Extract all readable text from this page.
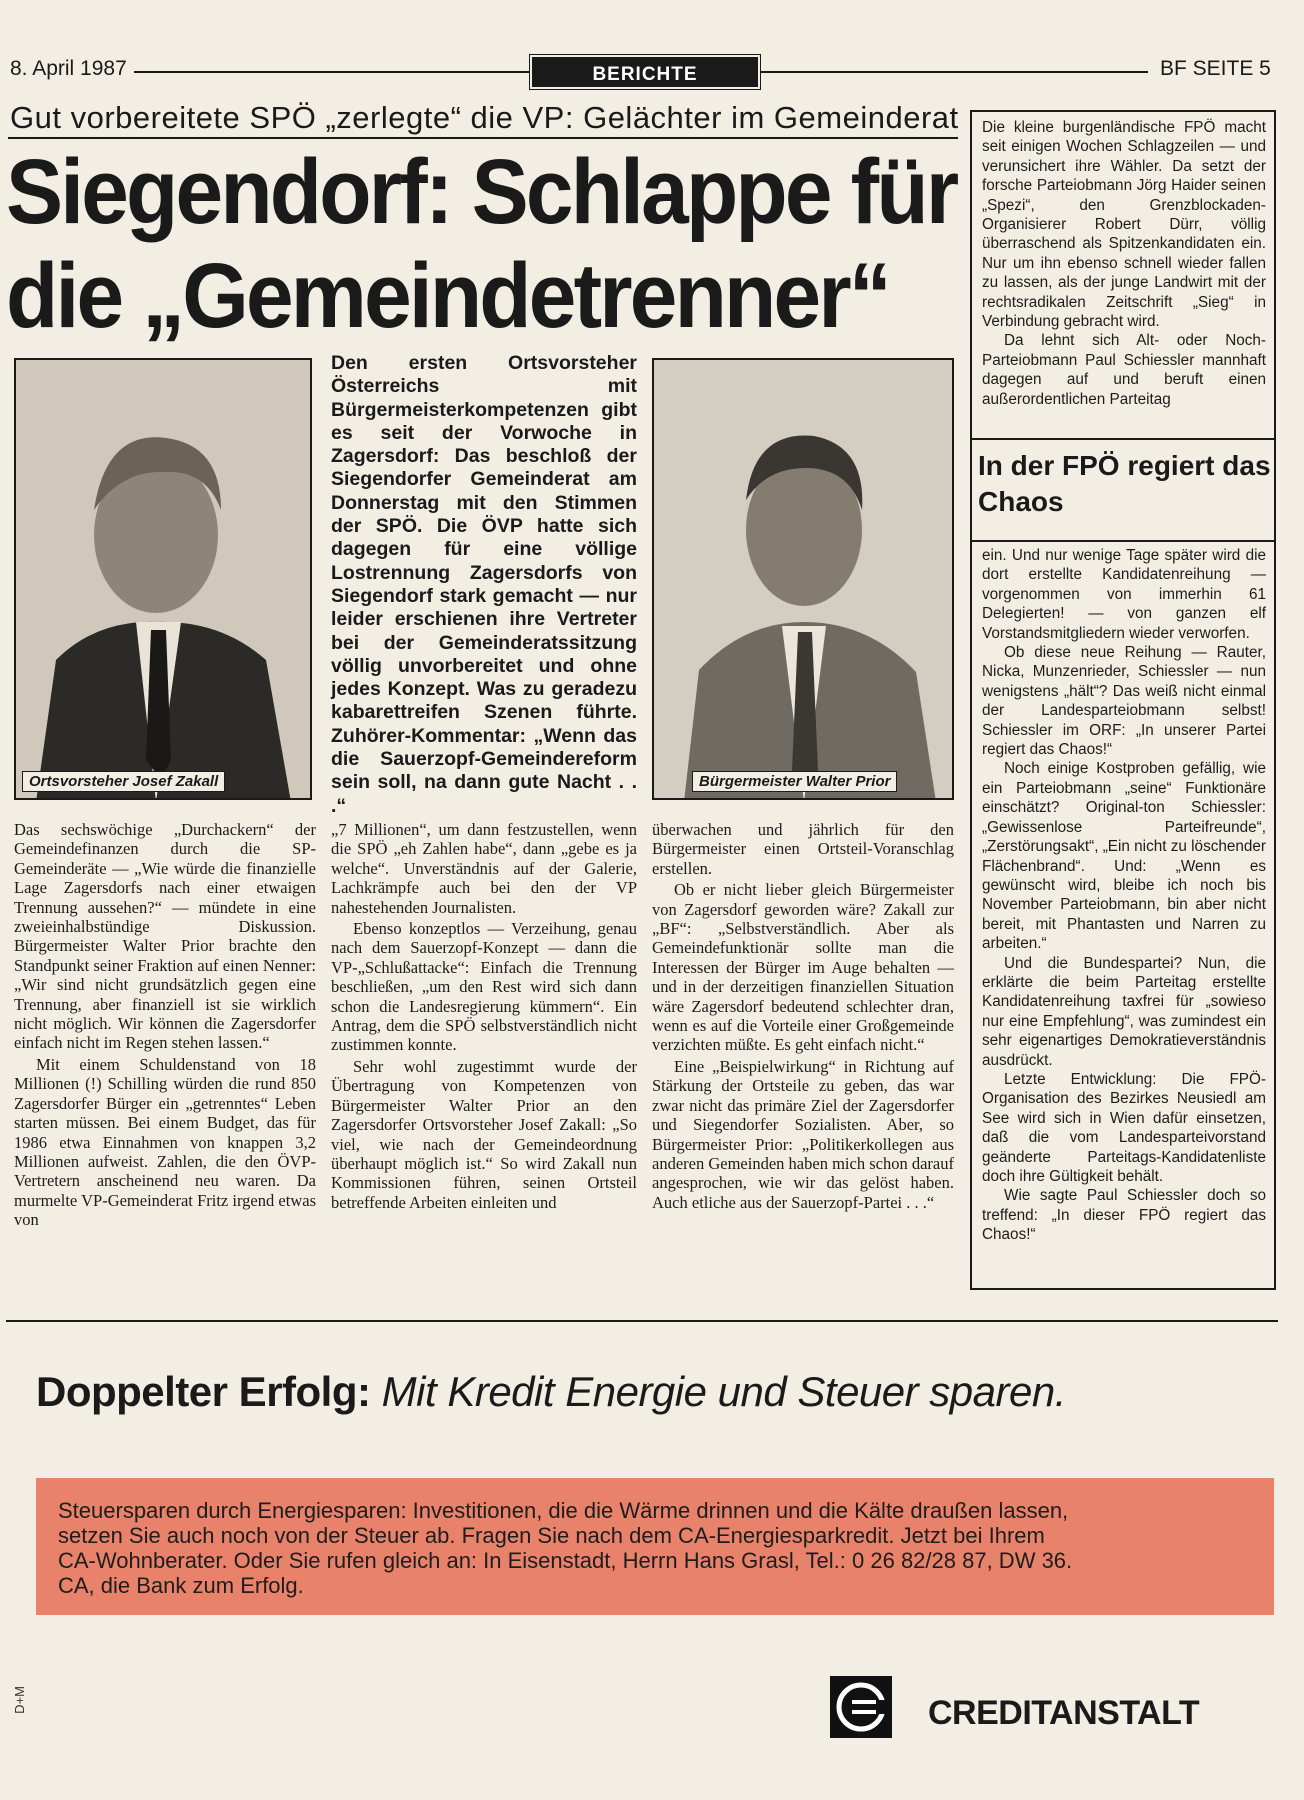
8. April 1987	BERICHTE	BF SEITE 5
Gut vorbereitete SPÖ „zerlegte“ die VP: Gelächter im Gemeinderat
Siegendorf: Schlappe für
die „Gemeindetrenner“
Ortsvorsteher Josef Zakall

Den ersten Ortsvorsteher Österreichs mit Bürgermeisterkompetenzen gibt es seit der Vorwoche in Zagersdorf: Das beschloß der Siegendorfer Gemeinderat am Donnerstag mit den Stimmen der SPÖ. Die ÖVP hatte sich dagegen für eine völlige Lostrennung Zagersdorfs von Siegendorf stark gemacht — nur leider erschienen ihre Vertreter bei der Gemeinderatssitzung völlig unvorbereitet und ohne jedes Konzept. Was zu geradezu kabarettreifen Szenen führte. Zuhörer-Kommentar: „Wenn das die Sauerzopf-Gemeindereform sein soll, na dann gute Nacht . . .“

Bürgermeister Walter Prior

Das sechswöchige „Durchackern“ der Gemeindefinanzen durch die SP-Gemeinderäte — „Wie würde die finanzielle Lage Zagersdorfs nach einer etwaigen Trennung aussehen?“ — mündete in eine zweieinhalbstündige Diskussion. Bürgermeister Walter Prior brachte den Standpunkt seiner Fraktion auf einen Nenner: „Wir sind nicht grundsätzlich gegen eine Trennung, aber finanziell ist sie wirklich nicht möglich. Wir können die Zagersdorfer einfach nicht im Regen stehen lassen.“

Mit einem Schuldenstand von 18 Millionen (!) Schilling würden die rund 850 Zagersdorfer Bürger ein „getrenntes“ Leben starten müssen. Bei einem Budget, das für 1986 etwa Einnahmen von knappen 3,2 Millionen aufweist. Zahlen, die den ÖVP-Vertretern anscheinend neu waren. Da murmelte VP-Gemeinderat Fritz irgend etwas von

„7 Millionen“, um dann festzustellen, wenn die SPÖ „eh Zahlen habe“, dann „gebe es ja welche“. Unverständnis auf der Galerie, Lachkrämpfe auch bei den der VP nahestehenden Journalisten.

Ebenso konzeptlos — Verzeihung, genau nach dem Sauerzopf-Konzept — dann die VP-„Schlußattacke“: Einfach die Trennung beschließen, „um den Rest wird sich dann schon die Landesregierung kümmern“. Ein Antrag, dem die SPÖ selbstverständlich nicht zustimmen konnte.

Sehr wohl zugestimmt wurde der Übertragung von Kompetenzen von Bürgermeister Walter Prior an den Zagersdorfer Ortsvorsteher Josef Zakall: „So viel, wie nach der Gemeindeordnung überhaupt möglich ist.“ So wird Zakall nun Kommissionen führen, seinen Ortsteil betreffende Arbeiten einleiten und

überwachen und jährlich für den Bürgermeister einen Ortsteil-Voranschlag erstellen.

Ob er nicht lieber gleich Bürgermeister von Zagersdorf geworden wäre? Zakall zur „BF“: „Selbstverständlich. Aber als Gemeindefunktionär sollte man die Interessen der Bürger im Auge behalten — und in der derzeitigen finanziellen Situation wäre Zagersdorf bedeutend schlechter dran, wenn es auf die Vorteile einer Großgemeinde verzichten müßte. Es geht einfach nicht.“

Eine „Beispielwirkung“ in Richtung auf Stärkung der Ortsteile zu geben, das war zwar nicht das primäre Ziel der Zagersdorfer und Siegendorfer Sozialisten. Aber, so Bürgermeister Prior: „Politikerkollegen aus anderen Gemeinden haben mich schon darauf angesprochen, wie wir das gelöst haben. Auch etliche aus der Sauerzopf-Partei . . .“

Die kleine burgenländische FPÖ macht seit einigen Wochen Schlagzeilen — und verunsichert ihre Wähler. Da setzt der forsche Parteiobmann Jörg Haider seinen „Spezi“, den Grenzblockaden-Organisierer Robert Dürr, völlig überraschend als Spitzenkandidaten ein. Nur um ihn ebenso schnell wieder fallen zu lassen, als der junge Landwirt mit der rechtsradikalen Zeitschrift „Sieg“ in Verbindung gebracht wird.

Da lehnt sich Alt- oder Noch-Parteiobmann Paul Schiessler mannhaft dagegen auf und beruft einen außerordentlichen Parteitag

In der FPÖ regiert das Chaos

ein. Und nur wenige Tage später wird die dort erstellte Kandidatenreihung — vorgenommen von immerhin 61 Delegierten! — von ganzen elf Vorstandsmitgliedern wieder verworfen.

Ob diese neue Reihung — Rauter, Nicka, Munzenrieder, Schiessler — nun wenigstens „hält“? Das weiß nicht einmal der Landesparteiobmann selbst! Schiessler im ORF: „In unserer Partei regiert das Chaos!“

Noch einige Kostproben gefällig, wie ein Parteiobmann „seine“ Funktionäre einschätzt? Original-ton Schiessler: „Gewissenlose Parteifreunde“, „Zerstörungsakt“, „Ein nicht zu löschender Flächenbrand“. Und: „Wenn es gewünscht wird, bleibe ich noch bis November Parteiobmann, bin aber nicht bereit, mit Phantasten und Narren zu arbeiten.“

Und die Bundespartei? Nun, die erklärte die beim Parteitag erstellte Kandidatenreihung taxfrei für „sowieso nur eine Empfehlung“, was zumindest ein sehr eigenartiges Demokratieverständnis ausdrückt.

Letzte Entwicklung: Die FPÖ-Organisation des Bezirkes Neusiedl am See wird sich in Wien dafür einsetzen, daß die vom Landesparteivorstand geänderte Parteitags-Kandidatenliste doch ihre Gültigkeit behält.

Wie sagte Paul Schiessler doch so treffend: „In dieser FPÖ regiert das Chaos!“

Doppelter Erfolg: Mit Kredit Energie und Steuer sparen.
Steuersparen durch Energiesparen: Investitionen, die die Wärme drinnen und die Kälte draußen lassen,
setzen Sie auch noch von der Steuer ab. Fragen Sie nach dem CA-Energiesparkredit. Jetzt bei Ihrem
CA-Wohnberater. Oder Sie rufen gleich an: In Eisenstadt, Herrn Hans Grasl, Tel.: 0 26 82/28 87, DW 36.
CA, die Bank zum Erfolg.
D+M	CREDITANSTALT
